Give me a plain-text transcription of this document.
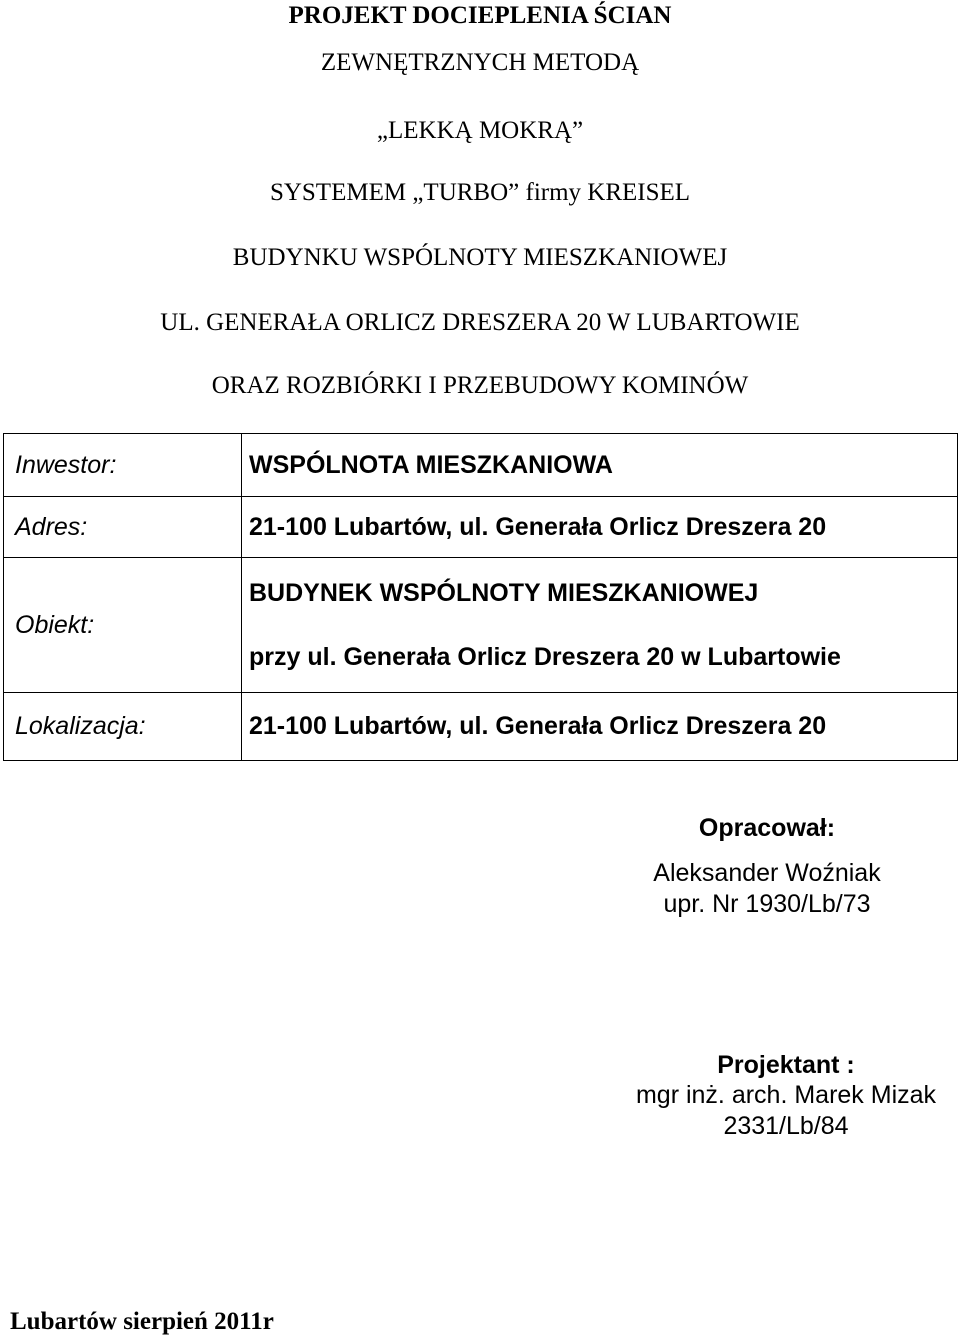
PROJEKT DOCIEPLENIA ŚCIAN
ZEWNĘTRZNYCH METODĄ
„LEKKĄ MOKRĄ”
SYSTEMEM „TURBO” firmy KREISEL
BUDYNKU WSPÓLNOTY MIESZKANIOWEJ
UL. GENERAŁA ORLICZ DRESZERA 20 W LUBARTOWIE
ORAZ ROZBIÓRKI I PRZEBUDOWY KOMINÓW
Inwestor:	WSPÓLNOTA MIESZKANIOWA
Adres:	21-100 Lubartów, ul. Generała Orlicz Dreszera 20
Obiekt:	BUDYNEK WSPÓLNOTY MIESZKANIOWEJ
przy ul. Generała Orlicz Dreszera 20 w Lubartowie

Lokalizacja:	21-100 Lubartów, ul. Generała Orlicz Dreszera 20
Opracował:
Aleksander Woźniak
upr. Nr 1930/Lb/73
Projektant :
mgr inż. arch. Marek Mizak
2331/Lb/84
Lubartów sierpień 2011r
